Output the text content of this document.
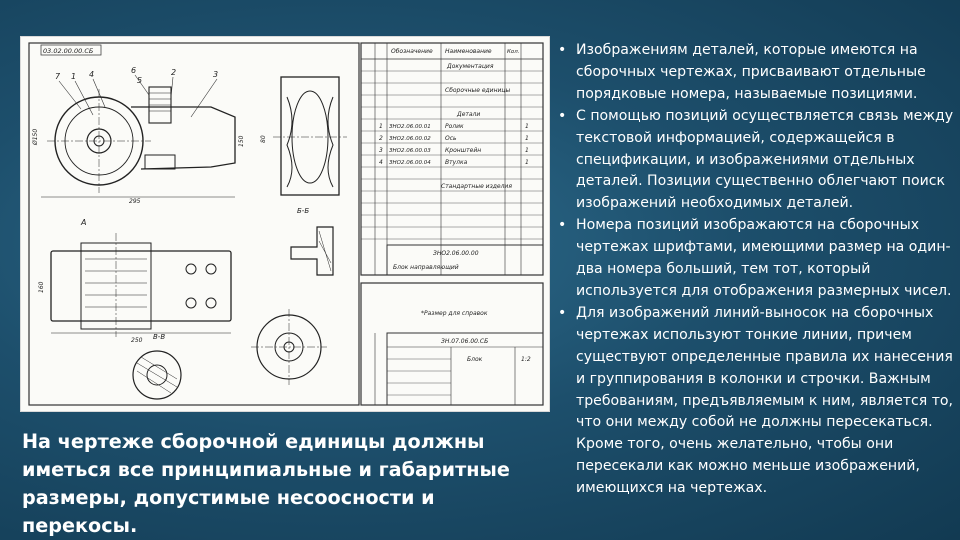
03.02.00.00.СБ
7 1 4	6	2	3
5
295
Ø150	150	80
250
А
160
Б-Б
В-В
Обозначение Наименование	Кол.
Документация
Сборочные единицы
Детали
1 ЗНО2.06.00.01 Ролик	1
2 ЗНО2.06.00.02 Ось	1
3 ЗНО2.06.00.03 Кронштейн	1
4 ЗНО2.06.00.04 Втулка	1
Стандартные изделия
ЗНО2.06.00.00
Блок направляющий
*Размер для справок
ЗН.07.06.00.СБ
Блок	1:2
На чертеже сборочной единицы должны иметься все принципиальные и габаритные размеры, допустимые несоосности и перекосы.
• Изображениям деталей, которые имеются на сборочных чертежах, присваивают отдельные порядковые номера, называемые позициями.
• С помощью позиций осуществляется связь между текстовой информацией, содержащейся в спецификации, и изображениями отдельных деталей. Позиции существенно облегчают поиск изображений необходимых деталей.
• Номера позиций изображаются на сборочных чертежах шрифтами, имеющими размер на один-два номера больший, тем тот, который используется для отображения размерных чисел.
• Для изображений линий-выносок на сборочных чертежах используют тонкие линии, причем существуют определенные правила их нанесения и группирования в колонки и строчки. Важным требованиям, предъявляемым к ним, является то, что они между собой не должны пересекаться. Кроме того, очень желательно, чтобы они пересекали как можно меньше изображений, имеющихся на чертежах.
